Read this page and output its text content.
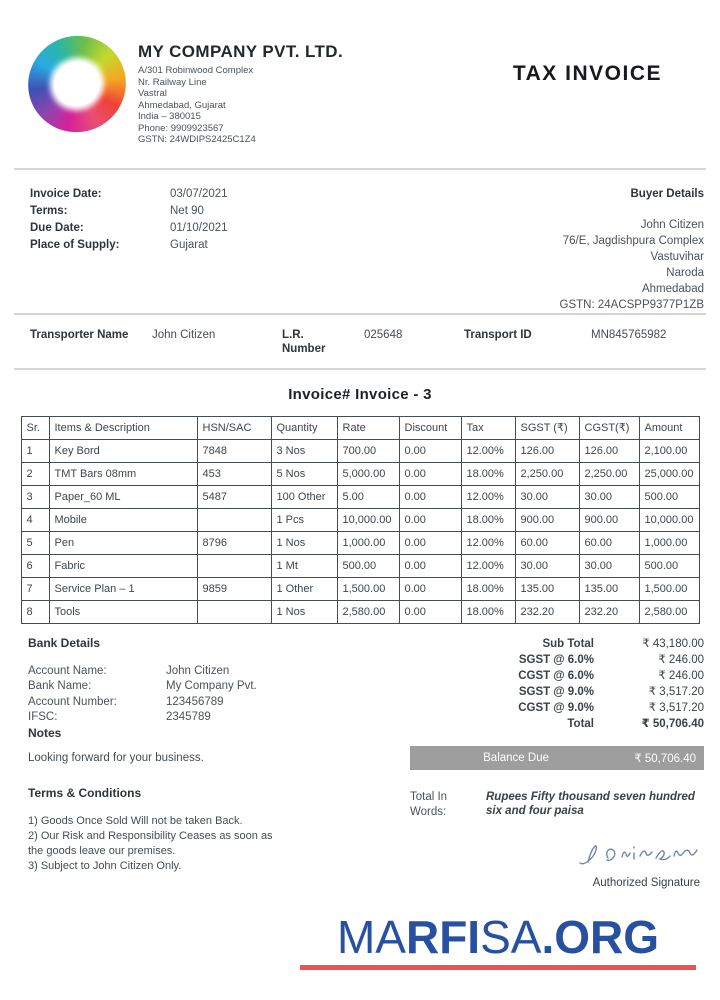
MY COMPANY PVT. LTD.
A/301 Robinwood Complex
Nr. Railway Line
Vastral
Ahmedabad, Gujarat
India – 380015
Phone: 9909923567
GSTN: 24WDIPS2425C1Z4
TAX INVOICE
Invoice Date:	03/07/2021
Terms:	Net 90
Due Date:	01/10/2021
Place of Supply:	Gujarat
Buyer Details
John Citizen
76/E, Jagdishpura Complex
Vastuvihar
Naroda
Ahmedabad
GSTN: 24ACSPP9377P1ZB
Transporter Name	John Citizen	L.R. Number
025648	Transport ID	MN845765982
Invoice# Invoice - 3
Sr.	Items & Description	HSN/SAC	Quantity	Rate	Discount	Tax	SGST (₹)	CGST(₹)	Amount
1	Key Bord	7848	3 Nos	700.00	0.00	12.00%	126.00	126.00	2,100.00
2	TMT Bars 08mm	453	5 Nos	5,000.00	0.00	18.00%	2,250.00	2,250.00	25,000.00
3	Paper_60 ML	5487	100 Other	5.00	0.00	12.00%	30.00	30.00	500.00
4	Mobile		1 Pcs	10,000.00	0.00	18.00%	900.00	900.00	10,000.00
5	Pen	8796	1 Nos	1,000.00	0.00	12.00%	60.00	60.00	1,000.00
6	Fabric		1 Mt	500.00	0.00	12.00%	30.00	30.00	500.00
7	Service Plan – 1	9859	1 Other	1,500.00	0.00	18.00%	135.00	135.00	1,500.00
8	Tools		1 Nos	2,580.00	0.00	18.00%	232.20	232.20	2,580.00
Bank Details
Account Name:	John Citizen
Bank Name:	My Company Pvt.
Account Number:	123456789
IFSC:	2345789
Notes
Looking forward for your business.
Terms & Conditions
1) Goods Once Sold Will not be taken Back.
2) Our Risk and Responsibility Ceases as soon as the goods leave our premises.
3) Subject to John Citizen Only.
Sub Total	₹ 43,180.00
SGST @ 6.0%	₹ 246.00
CGST @ 6.0%	₹ 246.00
SGST @ 9.0%	₹ 3,517.20
CGST @ 9.0%	₹ 3,517.20
Total	₹ 50,706.40
Balance Due	₹ 50,706.40
Total In Words:
Rupees Fifty thousand seven hundred six and four paisa
Authorized Signature
MARFISA.ORG
